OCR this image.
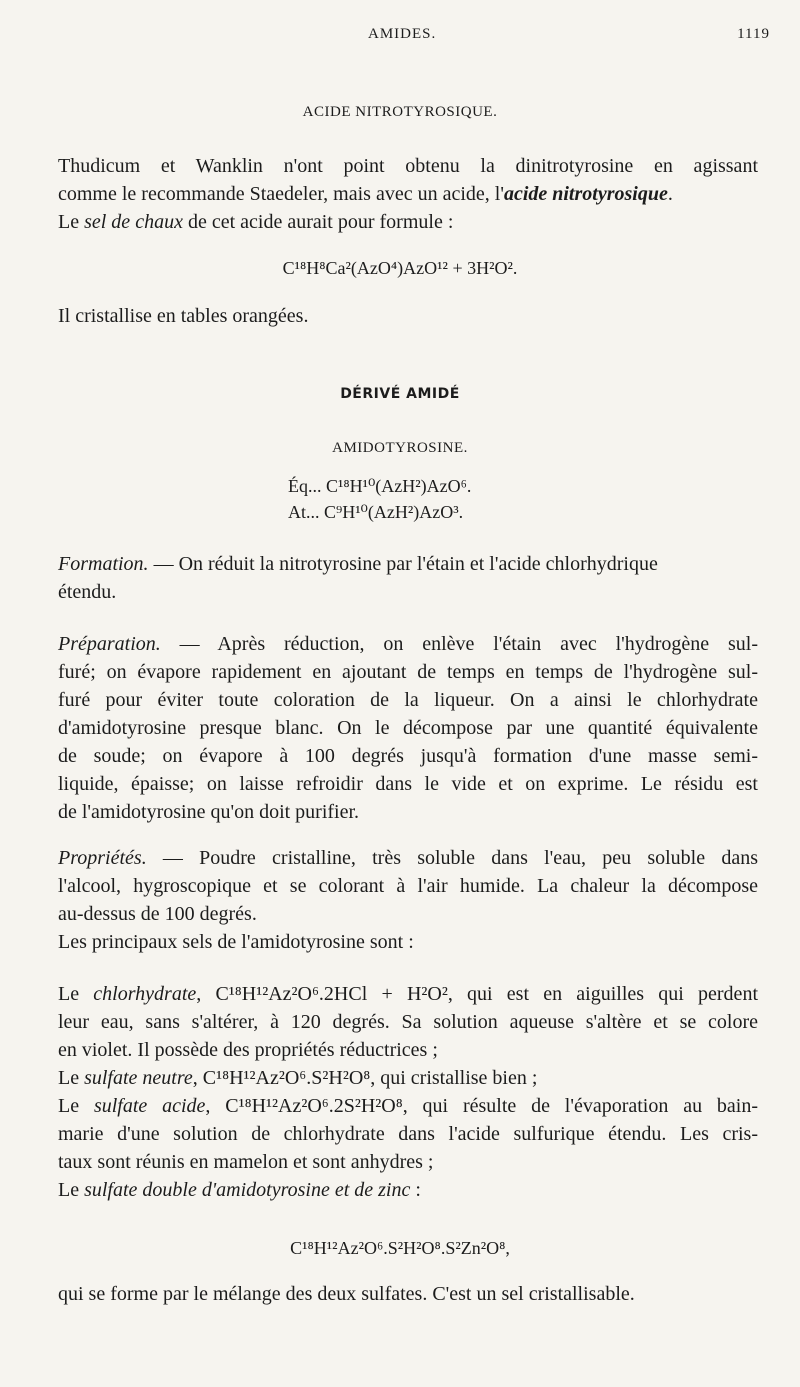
AMIDES.	1119
ACIDE NITROTYROSIQUE.
Thudicum et Wanklin n'ont point obtenu la dinitrotyrosine en agissant
comme le recommande Staedeler, mais avec un acide, l'acide nitrotyrosique.
Le sel de chaux de cet acide aurait pour formule :
C¹⁸H⁸Ca²(AzO⁴)AzO¹² + 3H²O².
Il cristallise en tables orangées.
DÉRIVÉ AMIDÉ
AMIDOTYROSINE.
Éq... C¹⁸H¹⁰(AzH²)AzO⁶.
At... C⁹H¹⁰(AzH²)AzO³.
Formation. — On réduit la nitrotyrosine par l'étain et l'acide chlorhydrique
étendu.
Préparation. — Après réduction, on enlève l'étain avec l'hydrogène sul-
furé; on évapore rapidement en ajoutant de temps en temps de l'hydrogène sul-
furé pour éviter toute coloration de la liqueur. On a ainsi le chlorhydrate
d'amidotyrosine presque blanc. On le décompose par une quantité équivalente
de soude; on évapore à 100 degrés jusqu'à formation d'une masse semi-
liquide, épaisse; on laisse refroidir dans le vide et on exprime. Le résidu est
de l'amidotyrosine qu'on doit purifier.
Propriétés. — Poudre cristalline, très soluble dans l'eau, peu soluble dans
l'alcool, hygroscopique et se colorant à l'air humide. La chaleur la décompose
au-dessus de 100 degrés.
Les principaux sels de l'amidotyrosine sont :
Le chlorhydrate, C¹⁸H¹²Az²O⁶.2HCl + H²O², qui est en aiguilles qui perdent
leur eau, sans s'altérer, à 120 degrés. Sa solution aqueuse s'altère et se colore
en violet. Il possède des propriétés réductrices ;
Le sulfate neutre, C¹⁸H¹²Az²O⁶.S²H²O⁸, qui cristallise bien ;
Le sulfate acide, C¹⁸H¹²Az²O⁶.2S²H²O⁸, qui résulte de l'évaporation au bain-
marie d'une solution de chlorhydrate dans l'acide sulfurique étendu. Les cris-
taux sont réunis en mamelon et sont anhydres ;
Le sulfate double d'amidotyrosine et de zinc :
C¹⁸H¹²Az²O⁶.S²H²O⁸.S²Zn²O⁸,
qui se forme par le mélange des deux sulfates. C'est un sel cristallisable.
